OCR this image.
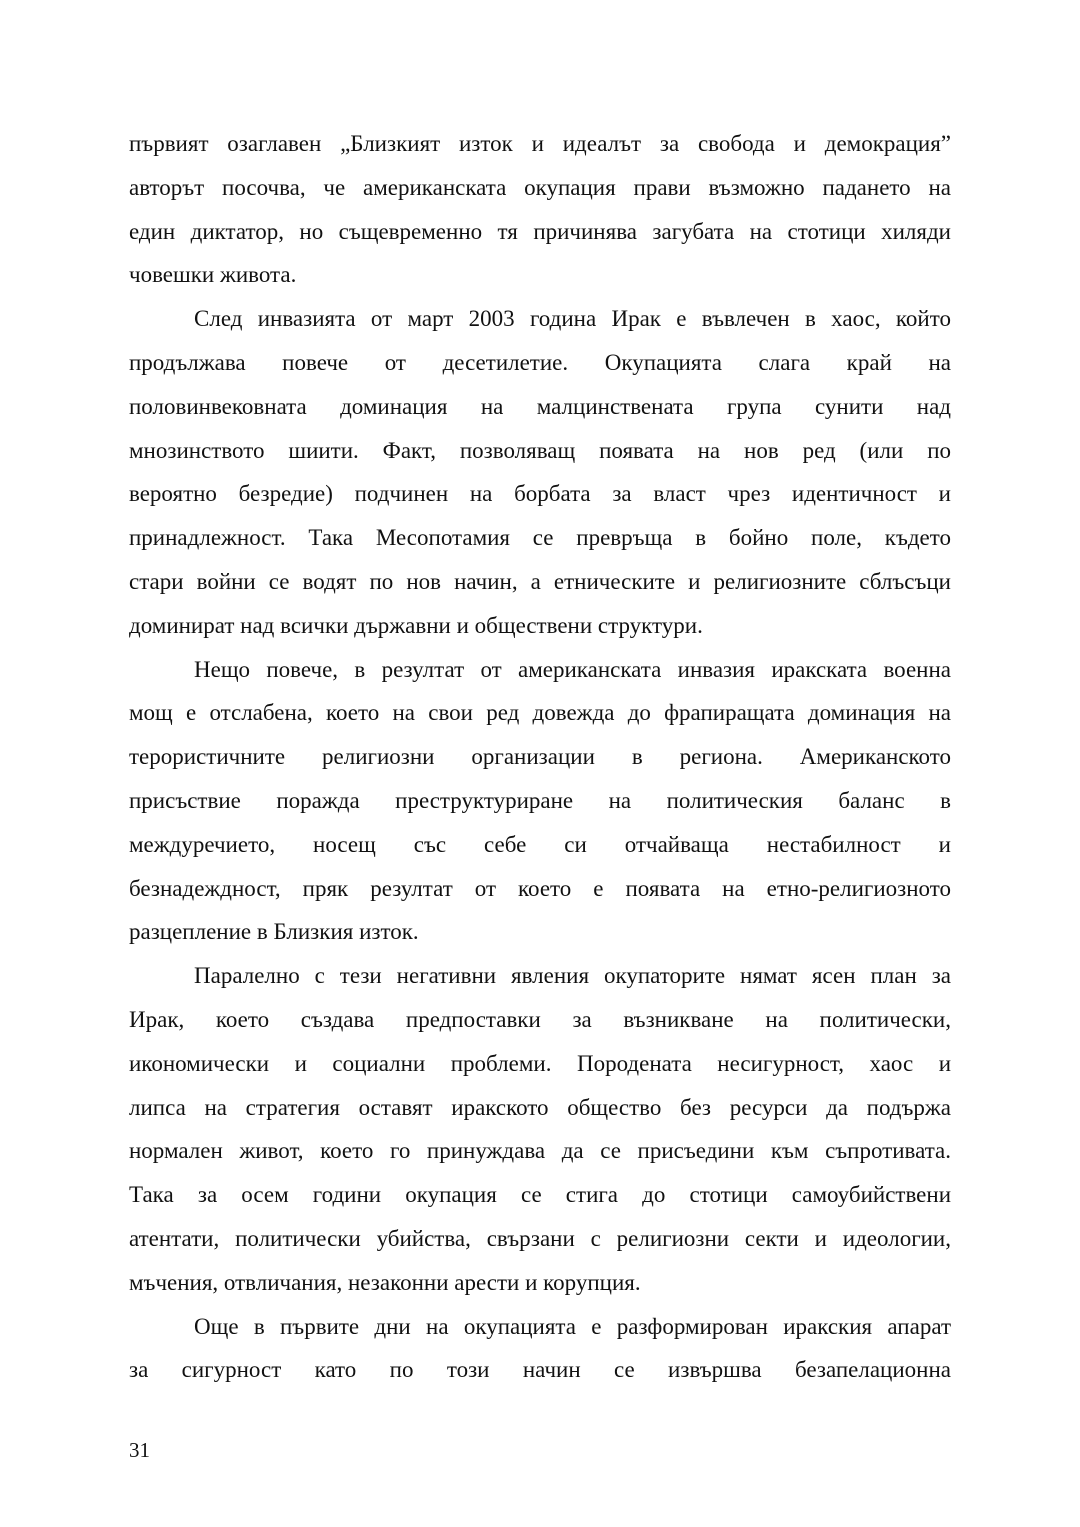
първият озаглавен „Близкият изток и идеалът за свобода и демокрация”
авторът посочва, че американската окупация прави възможно падането на
един диктатор, но същевременно тя причинява загубата на стотици хиляди
човешки живота.
След инвазията от март 2003 година Ирак е въвлечен в хаос, който
продължава повече от десетилетие. Окупацията слага край на
половинвековната доминация на малцинствената група сунити над
мнозинството шиити. Факт, позволяващ появата на нов ред (или по
вероятно безредие) подчинен на борбата за власт чрез идентичност и
принадлежност. Така Месопотамия се превръща в бойно поле, където
стари войни се водят по нов начин, а етническите и религиозните сблъсъци
доминират над всички държавни и обществени структури.
Нещо повече, в резултат от американската инвазия иракската военна
мощ е отслабена, което на свои ред довежда до фрапиращата доминация на
терористичните религиозни организации в региона. Американското
присъствие поражда преструктуриране на политическия баланс в
междуречието, носещ със себе си отчайваща нестабилност и
безнадеждност, пряк резултат от което е появата на етно-религиозното
разцепление в Близкия изток.
Паралелно с тези негативни явления окупаторите нямат ясен план за
Ирак, което създава предпоставки за възникване на политически,
икономически и социални проблеми. Породената несигурност, хаос и
липса на стратегия оставят иракското общество без ресурси да подържа
нормален живот, което го принуждава да се присъедини към съпротивата.
Така за осем години окупация се стига до стотици самоубийствени
атентати, политически убийства, свързани с религиозни секти и идеологии,
мъчения, отвличания, незаконни арести и корупция.
Още в първите дни на окупацията е разформирован иракския апарат
за сигурност като по този начин се извършва безапелационна
31
